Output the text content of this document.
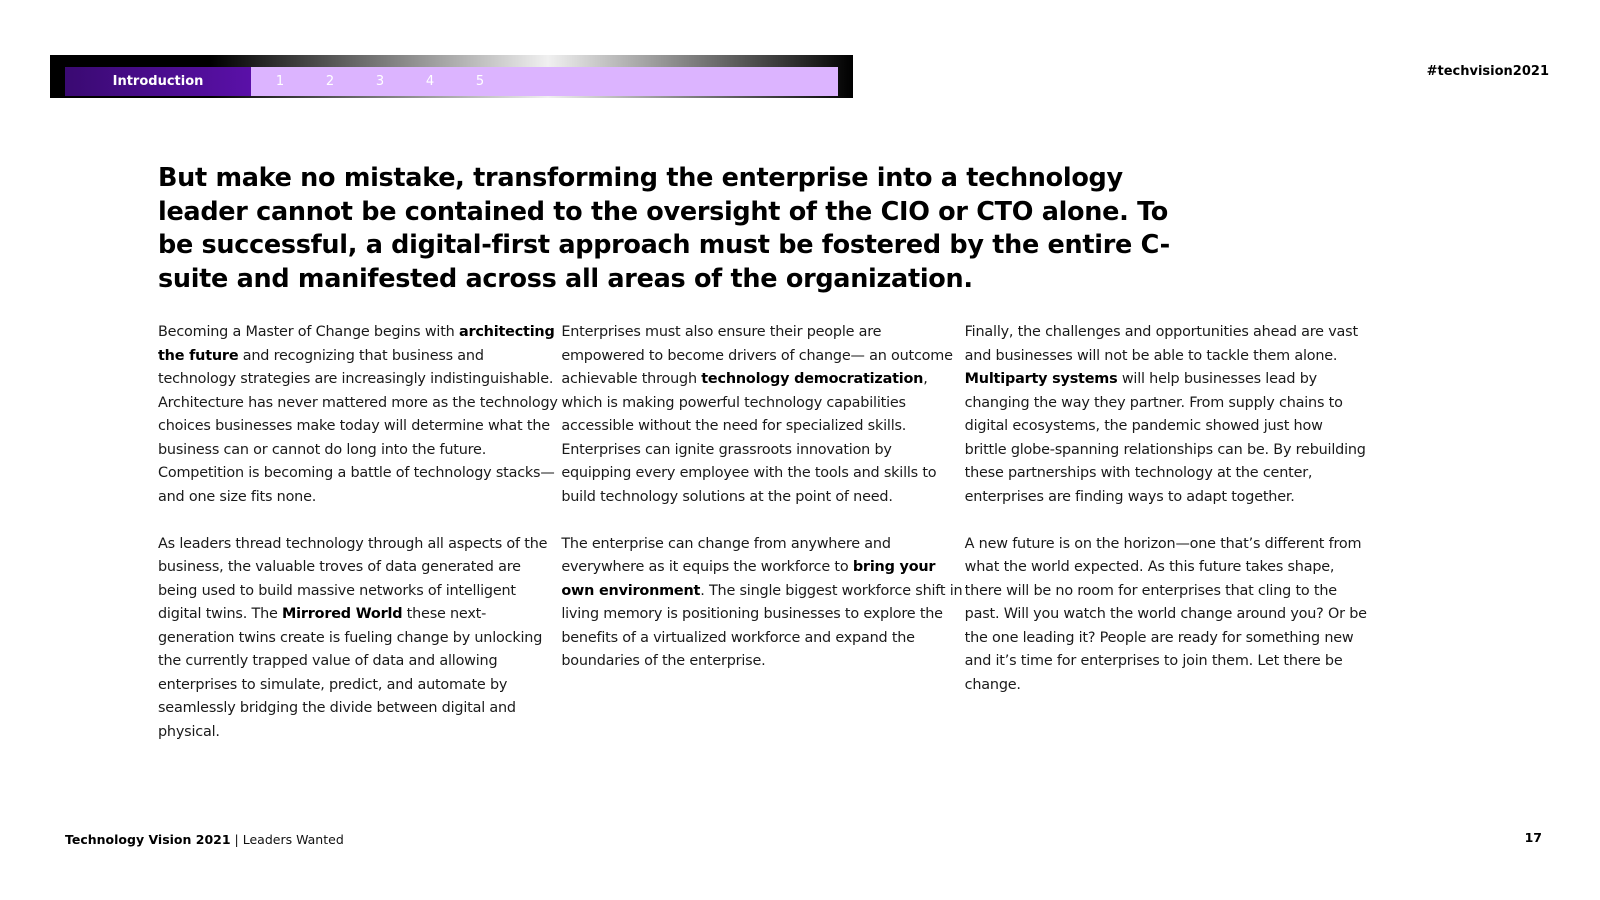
Introduction	1	2	3	4	5
#techvision2021
But make no mistake, transforming the enterprise into a technology leader cannot be contained to the oversight of the CIO or CTO alone. To be successful, a digital-first approach must be fostered by the entire C-suite and manifested across all areas of the organization.

Becoming a Master of Change begins with architecting the future and recognizing that business and technology strategies are increasingly indistinguishable. Architecture has never mattered more as the technology choices businesses make today will determine what the business can or cannot do long into the future. Competition is becoming a battle of technology stacks—and one size fits none.

As leaders thread technology through all aspects of the business, the valuable troves of data generated are being used to build massive networks of intelligent digital twins. The Mirrored World these next-generation twins create is fueling change by unlocking the currently trapped value of data and allowing enterprises to simulate, predict, and automate by seamlessly bridging the divide between digital and physical.

Enterprises must also ensure their people are empowered to become drivers of change— an outcome achievable through technology democratization, which is making powerful technology capabilities accessible without the need for specialized skills. Enterprises can ignite grassroots innovation by equipping every employee with the tools and skills to build technology solutions at the point of need.

The enterprise can change from anywhere and everywhere as it equips the workforce to bring your own environment. The single biggest workforce shift in living memory is positioning businesses to explore the benefits of a virtualized workforce and expand the boundaries of the enterprise.

Finally, the challenges and opportunities ahead are vast and businesses will not be able to tackle them alone. Multiparty systems will help businesses lead by changing the way they partner. From supply chains to digital ecosystems, the pandemic showed just how brittle globe-spanning relationships can be. By rebuilding these partnerships with technology at the center, enterprises are finding ways to adapt together.

A new future is on the horizon—one that’s different from what the world expected. As this future takes shape, there will be no room for enterprises that cling to the past. Will you watch the world change around you? Or be the one leading it? People are ready for something new and it’s time for enterprises to join them. Let there be change.

Technology Vision 2021 | Leaders Wanted	17
